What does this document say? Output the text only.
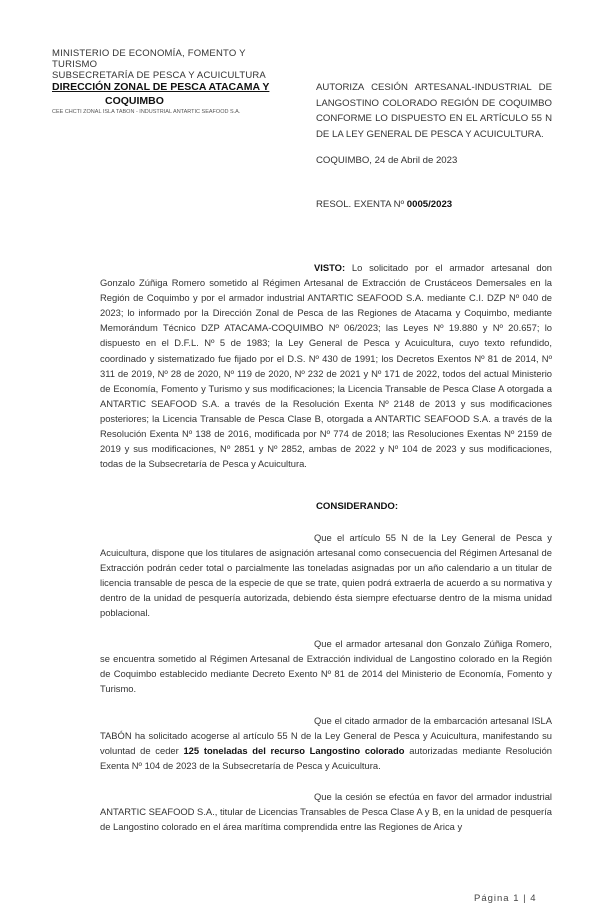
MINISTERIO DE ECONOMÍA, FOMENTO Y TURISMO
SUBSECRETARÍA DE PESCA Y ACUICULTURA
DIRECCIÓN ZONAL DE PESCA ATACAMA Y
COQUIMBO
CEE CHCTI ZONAL ISLA TABON - INDUSTRIAL ANTARTIC SEAFOOD S.A.
AUTORIZA CESIÓN ARTESANAL-INDUSTRIAL DE LANGOSTINO COLORADO REGIÓN DE COQUIMBO CONFORME LO DISPUESTO EN EL ARTÍCULO 55 N DE LA LEY GENERAL DE PESCA Y ACUICULTURA.
COQUIMBO, 24 de Abril de 2023
RESOL. EXENTA Nº 0005/2023
VISTO: Lo solicitado por el armador artesanal don Gonzalo Zúñiga Romero sometido al Régimen Artesanal de Extracción de Crustáceos Demersales en la Región de Coquimbo y por el armador industrial ANTARTIC SEAFOOD S.A. mediante C.I. DZP Nº 040 de 2023; lo informado por la Dirección Zonal de Pesca de las Regiones de Atacama y Coquimbo, mediante Memorándum Técnico DZP ATACAMA-COQUIMBO Nº 06/2023; las Leyes Nº 19.880 y Nº 20.657; lo dispuesto en el D.F.L. Nº 5 de 1983; la Ley General de Pesca y Acuicultura, cuyo texto refundido, coordinado y sistematizado fue fijado por el D.S. Nº 430 de 1991; los Decretos Exentos Nº 81 de 2014, Nº 311 de 2019, Nº 28 de 2020, Nº 119 de 2020, Nº 232 de 2021 y Nº 171 de 2022, todos del actual Ministerio de Economía, Fomento y Turismo y sus modificaciones; la Licencia Transable de Pesca Clase A otorgada a ANTARTIC SEAFOOD S.A. a través de la Resolución Exenta Nº 2148 de 2013 y sus modificaciones posteriores; la Licencia Transable de Pesca Clase B, otorgada a ANTARTIC SEAFOOD S.A. a través de la Resolución Exenta Nº 138 de 2016, modificada por Nº 774 de 2018; las Resoluciones Exentas Nº 2159 de 2019 y sus modificaciones, Nº 2851 y Nº 2852, ambas de 2022 y Nº 104 de 2023 y sus modificaciones, todas de la Subsecretaría de Pesca y Acuicultura.
CONSIDERANDO:
Que el artículo 55 N de la Ley General de Pesca y Acuicultura, dispone que los titulares de asignación artesanal como consecuencia del Régimen Artesanal de Extracción podrán ceder total o parcialmente las toneladas asignadas por un año calendario a un titular de licencia transable de pesca de la especie de que se trate, quien podrá extraerla de acuerdo a su normativa y dentro de la unidad de pesquería autorizada, debiendo ésta siempre efectuarse dentro de la misma unidad poblacional.
Que el armador artesanal don Gonzalo Zúñiga Romero, se encuentra sometido al Régimen Artesanal de Extracción individual de Langostino colorado en la Región de Coquimbo establecido mediante Decreto Exento Nº 81 de 2014 del Ministerio de Economía, Fomento y Turismo.
Que el citado armador de la embarcación artesanal ISLA TABÓN ha solicitado acogerse al artículo 55 N de la Ley General de Pesca y Acuicultura, manifestando su voluntad de ceder 125 toneladas del recurso Langostino colorado autorizadas mediante Resolución Exenta Nº 104 de 2023 de la Subsecretaría de Pesca y Acuicultura.
Que la cesión se efectúa en favor del armador industrial ANTARTIC SEAFOOD S.A., titular de Licencias Transables de Pesca Clase A y B, en la unidad de pesquería de Langostino colorado en el área marítima comprendida entre las Regiones de Arica y
Página 1 | 4
